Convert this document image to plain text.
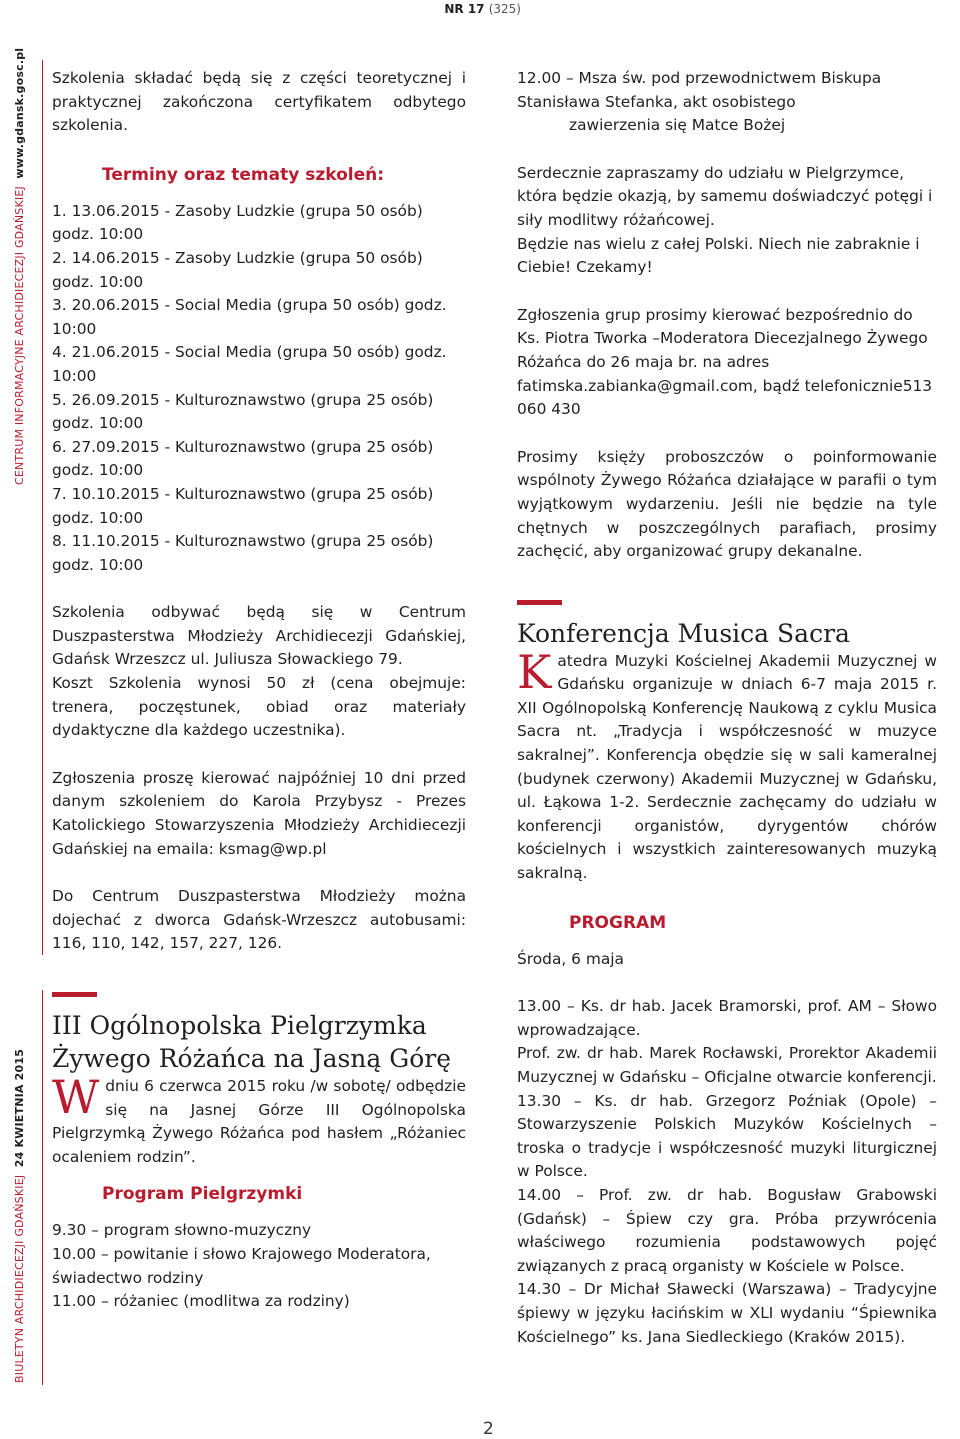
NR 17 (325)
CENTRUM INFORMACYJNE ARCHIDIECEZJI GDAŃSKIEJ  www.gdansk.gosc.pl
BIULETYN ARCHIDIECEZJI GDAŃSKIEJ  24 KWIETNIA 2015

Szkolenia składać będą się z części teoretycznej i praktycznej zakończona certyfikatem odbytego szkolenia.

Terminy oraz tematy szkoleń:

1. 13.06.2015 - Zasoby Ludzkie (grupa 50 osób) godz. 10:00
2. 14.06.2015 - Zasoby Ludzkie (grupa 50 osób) godz. 10:00
3. 20.06.2015 - Social Media (grupa 50 osób) godz. 10:00
4. 21.06.2015 - Social Media (grupa 50 osób) godz. 10:00
5. 26.09.2015 - Kulturoznawstwo (grupa 25 osób) godz. 10:00
6. 27.09.2015 - Kulturoznawstwo (grupa 25 osób) godz. 10:00
7. 10.10.2015 - Kulturoznawstwo (grupa 25 osób) godz. 10:00
8. 11.10.2015 - Kulturoznawstwo (grupa 25 osób) godz. 10:00

Szkolenia odbywać będą się w Centrum Duszpasterstwa Młodzieży Archidiecezji Gdańskiej, Gdańsk Wrzeszcz ul. Juliusza Słowackiego 79.

Koszt Szkolenia wynosi 50 zł (cena obejmuje: trenera, poczęstunek, obiad oraz materiały dydaktyczne dla każdego uczestnika).

Zgłoszenia proszę kierować najpóźniej 10 dni przed danym szkoleniem do Karola Przybysz - Prezes Katolickiego Stowarzyszenia Młodzieży Archidiecezji Gdańskiej na emaila: ksmag@wp.pl

Do Centrum Duszpasterstwa Młodzieży można dojechać z dworca Gdańsk-Wrzeszcz autobusami: 116, 110, 142, 157, 227, 126.

III Ogólnopolska Pielgrzymka Żywego Różańca na Jasną Górę

Wdniu 6 czerwca 2015 roku /w sobotę/ odbędzie się na Jasnej Górze III Ogólnopolska Pielgrzymką Żywego Różańca pod hasłem „Różaniec ocaleniem rodzin”.

Program Pielgrzymki

9.30 – program słowno-muzyczny
10.00 – powitanie i słowo Krajowego Moderatora, świadectwo rodziny
11.00 – różaniec (modlitwa za rodziny)

12.00 – Msza św. pod przewodnictwem Biskupa Stanisława Stefanka, akt osobistego

zawierzenia się Matce Bożej

Serdecznie zapraszamy do udziału w Pielgrzymce, która będzie okazją, by samemu doświadczyć potęgi i siły modlitwy różańcowej.

Będzie nas wielu z całej Polski. Niech nie zabraknie i Ciebie! Czekamy!

Zgłoszenia grup prosimy kierować bezpośrednio do Ks. Piotra Tworka –Moderatora Diecezjalnego Żywego Różańca do 26 maja br. na adres fatimska.zabianka@gmail.com, bądź telefonicznie513 060 430

Prosimy księży proboszczów o poinformowanie wspólnoty Żywego Różańca działające w parafii o tym wyjątkowym wydarzeniu. Jeśli nie będzie na tyle chętnych w poszczególnych parafiach, prosimy zachęcić, aby organizować grupy dekanalne.

Konferencja Musica Sacra

Katedra Muzyki Kościelnej Akademii Muzycznej w Gdańsku organizuje w dniach 6-7 maja 2015 r. XII Ogólnopolską Konferencję Naukową z cyklu Musica Sacra nt. „Tradycja i współczesność w muzyce sakralnej”. Konferencja obędzie się w sali kameralnej (budynek czerwony) Akademii Muzycznej w Gdańsku, ul. Łąkowa 1-2. Serdecznie zachęcamy do udziału w konferencji organistów, dyrygentów chórów kościelnych i wszystkich zainteresowanych muzyką sakralną.

PROGRAM

Środa, 6 maja

13.00 – Ks. dr hab. Jacek Bramorski, prof. AM – Słowo wprowadzające.
Prof. zw. dr hab. Marek Rocławski, Prorektor Akademii Muzycznej w Gdańsku – Oficjalne otwarcie konferencji.
13.30 – Ks. dr hab. Grzegorz Poźniak (Opole) – Stowarzyszenie Polskich Muzyków Kościelnych – troska o tradycje i współczesność muzyki liturgicznej w Polsce.
14.00 – Prof. zw. dr hab. Bogusław Grabowski (Gdańsk) – Śpiew czy gra. Próba przywrócenia właściwego rozumienia podstawowych pojęć związanych z pracą organisty w Kościele w Polsce.
14.30 – Dr Michał Sławecki (Warszawa) – Tradycyjne śpiewy w języku łacińskim w XLI wydaniu “Śpiewnika Kościelnego” ks. Jana Siedleckiego (Kraków 2015).
2
